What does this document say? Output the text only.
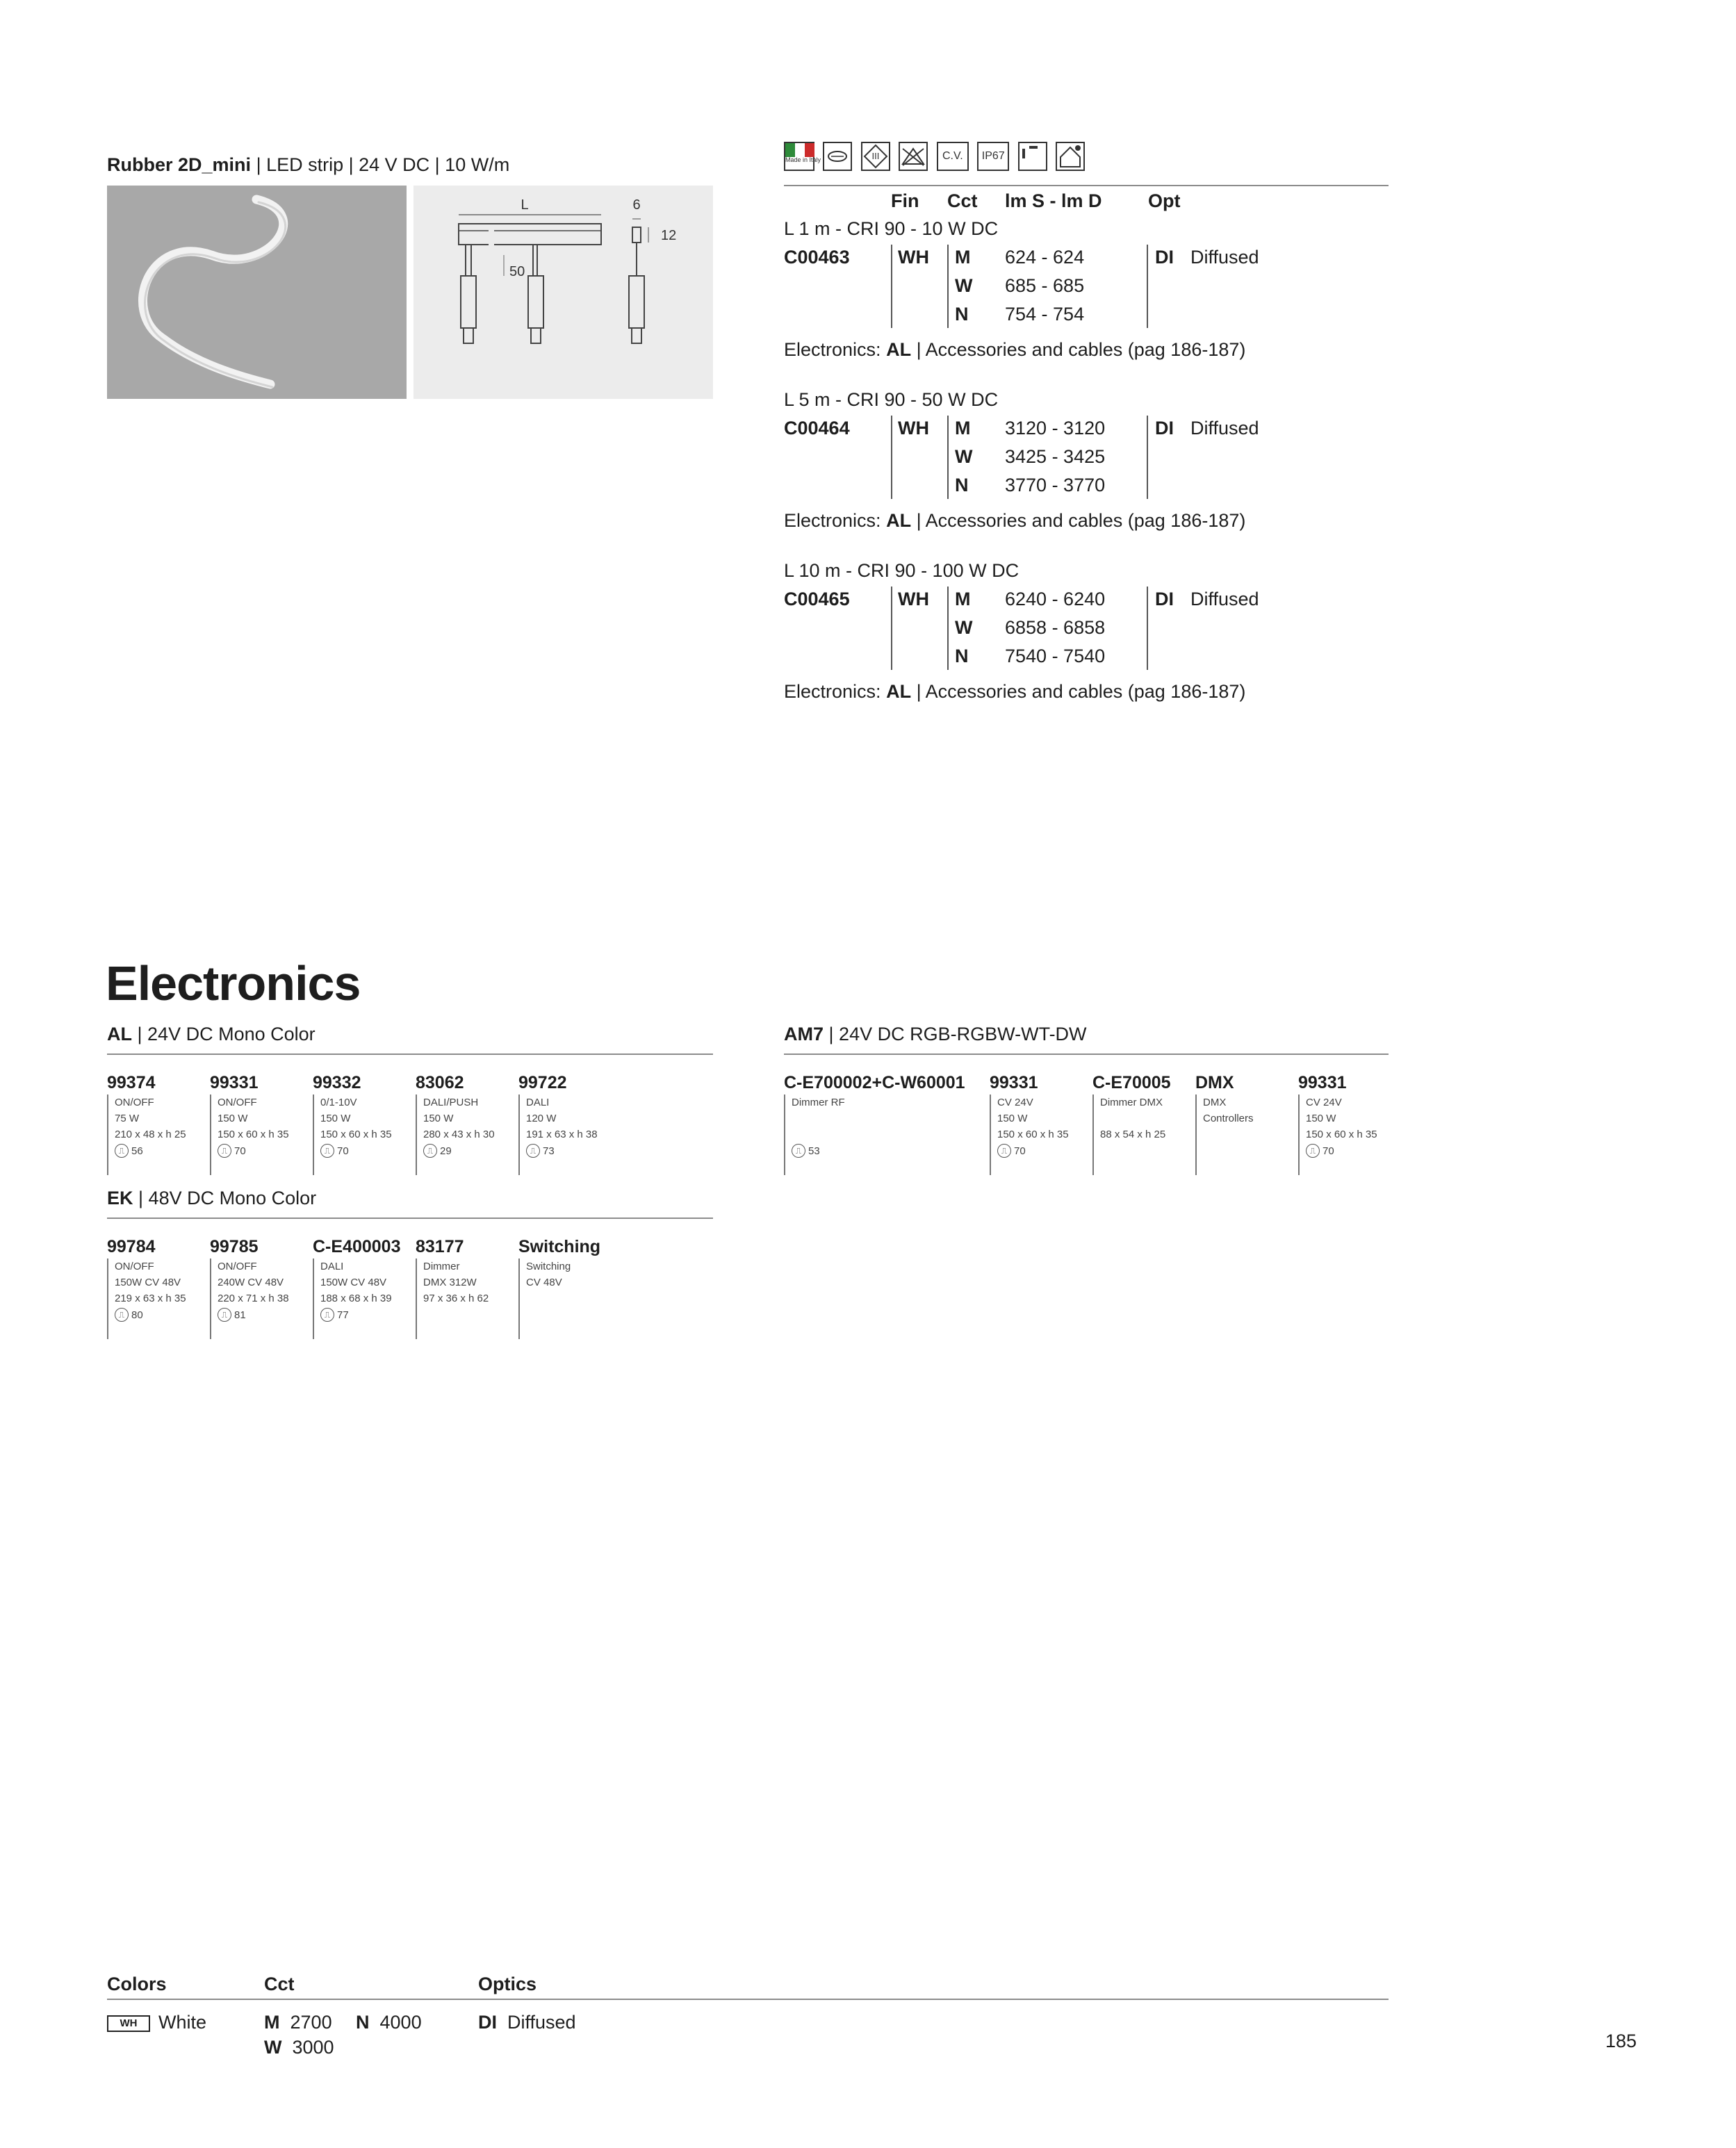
Rubber 2D_mini | LED strip | 24 V DC | 10 W/m
L	6
12
50
Made in Italy
	III	C.V. IP67
Fin Cct lm S - lm D Opt
L 1 m - CRI 90 - 10 W DC
C00463	WH M 624 - 624
W 685 - 685
N 754 - 754
DI Diffused
Electronics: AL | Accessories and cables (pag 186-187)
L 5 m - CRI 90 - 50 W DC
C00464	WH M 3120 - 3120
W 3425 - 3425
N 3770 - 3770
DI Diffused
Electronics: AL | Accessories and cables (pag 186-187)
L 10 m - CRI 90 - 100 W DC
C00465	WH M 6240 - 6240
W 6858 - 6858
N 7540 - 7540
DI Diffused
Electronics: AL | Accessories and cables (pag 186-187)
Electronics
AL | 24V DC Mono Color
99374
ON/OFF
75 W
210 x 48 x h 25
⎍ 56
99331
ON/OFF
150 W
150 x 60 x h 35
⎍ 70
99332
0/1-10V
150 W
150 x 60 x h 35
⎍ 70
83062
DALI/PUSH
150 W
280 x 43 x h 30
⎍ 29
99722
DALI
120 W
191 x 63 x h 38
⎍ 73
EK | 48V DC Mono Color
99784
ON/OFF
150W CV 48V
219 x 63 x h 35
⎍ 80
99785
ON/OFF
240W CV 48V
220 x 71 x h 38
⎍ 81
C-E400003
DALI
150W CV 48V
188 x 68 x h 39
⎍ 77
83177
Dimmer
DMX 312W
97 x 36 x h 62
Switching
Switching
CV 48V
AM7 | 24V DC RGB-RGBW-WT-DW
C-E700002+C-W60001
Dimmer RF
⎍ 53
99331
CV 24V
150 W
150 x 60 x h 35
⎍ 70
C-E70005
Dimmer DMX
88 x 54 x h 25
DMX
DMX
Controllers
99331
CV 24V
150 W
150 x 60 x h 35
⎍ 70
Colors	Cct	Optics
WH White	M 2700 N 4000
W 3000
DI Diffused
185
